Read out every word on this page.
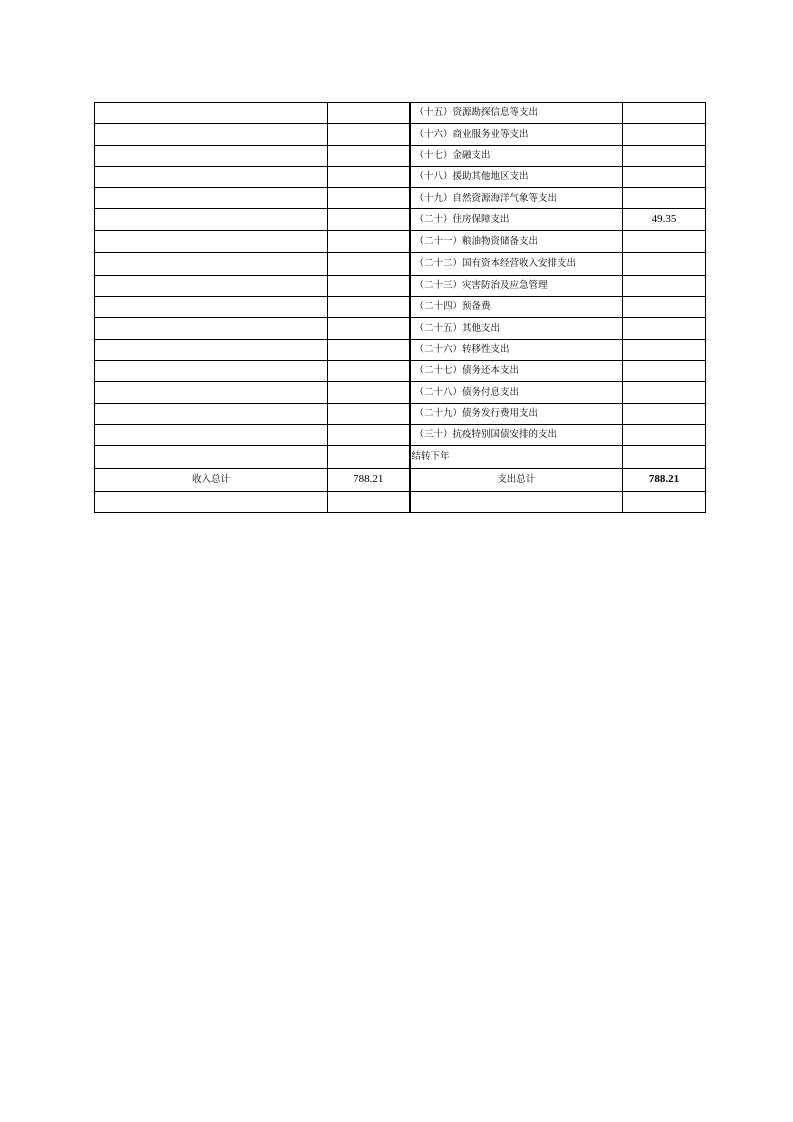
		（十五）资源勘探信息等支出	
		（十六）商业服务业等支出	
		（十七）金融支出	
		（十八）援助其他地区支出	
		（十九）自然资源海洋气象等支出	
		（二十）住房保障支出	49.35
		（二十一）粮油物资储备支出	
		（二十二）国有资本经营收入安排支出	
		（二十三）灾害防治及应急管理	
		（二十四）预备费	
		（二十五）其他支出	
		（二十六）转移性支出	
		（二十七）债务还本支出	
		（二十八）债务付息支出	
		（二十九）债务发行费用支出	
		（三十）抗疫特别国债安排的支出	
		结转下年	
收入总计	788.21	支出总计	788.21
